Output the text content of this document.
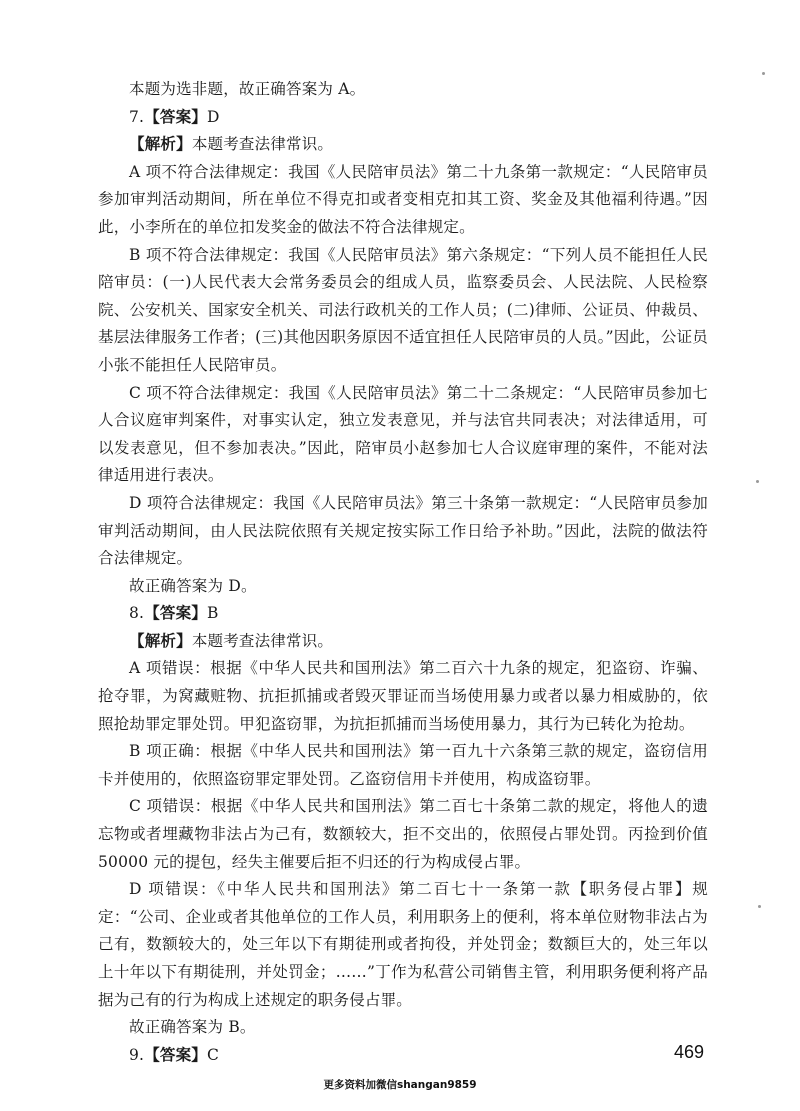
本题为选非题，故正确答案为 A。

7.【答案】D

【解析】本题考查法律常识。

A 项不符合法律规定：我国《人民陪审员法》第二十九条第一款规定：“人民陪审员参加审判活动期间，所在单位不得克扣或者变相克扣其工资、奖金及其他福利待遇。”因此，小李所在的单位扣发奖金的做法不符合法律规定。

B 项不符合法律规定：我国《人民陪审员法》第六条规定：“下列人员不能担任人民陪审员：(一)人民代表大会常务委员会的组成人员，监察委员会、人民法院、人民检察院、公安机关、国家安全机关、司法行政机关的工作人员；(二)律师、公证员、仲裁员、基层法律服务工作者；(三)其他因职务原因不适宜担任人民陪审员的人员。”因此，公证员小张不能担任人民陪审员。

C 项不符合法律规定：我国《人民陪审员法》第二十二条规定：“人民陪审员参加七人合议庭审判案件，对事实认定，独立发表意见，并与法官共同表决；对法律适用，可以发表意见，但不参加表决。”因此，陪审员小赵参加七人合议庭审理的案件，不能对法律适用进行表决。

D 项符合法律规定：我国《人民陪审员法》第三十条第一款规定：“人民陪审员参加审判活动期间，由人民法院依照有关规定按实际工作日给予补助。”因此，法院的做法符合法律规定。

故正确答案为 D。

8.【答案】B

【解析】本题考查法律常识。

A 项错误：根据《中华人民共和国刑法》第二百六十九条的规定，犯盗窃、诈骗、抢夺罪，为窝藏赃物、抗拒抓捕或者毁灭罪证而当场使用暴力或者以暴力相威胁的，依照抢劫罪定罪处罚。甲犯盗窃罪，为抗拒抓捕而当场使用暴力，其行为已转化为抢劫。

B 项正确：根据《中华人民共和国刑法》第一百九十六条第三款的规定，盗窃信用卡并使用的，依照盗窃罪定罪处罚。乙盗窃信用卡并使用，构成盗窃罪。

C 项错误：根据《中华人民共和国刑法》第二百七十条第二款的规定，将他人的遗忘物或者埋藏物非法占为己有，数额较大，拒不交出的，依照侵占罪处罚。丙捡到价值 50000 元的提包，经失主催要后拒不归还的行为构成侵占罪。

D 项错误：《中华人民共和国刑法》第二百七十一条第一款【职务侵占罪】规定：“公司、企业或者其他单位的工作人员，利用职务上的便利，将本单位财物非法占为己有，数额较大的，处三年以下有期徒刑或者拘役，并处罚金；数额巨大的，处三年以上十年以下有期徒刑，并处罚金；……”丁作为私营公司销售主管，利用职务便利将产品据为己有的行为构成上述规定的职务侵占罪。

故正确答案为 B。

9.【答案】C	469

更多资料加微信shangan9859
